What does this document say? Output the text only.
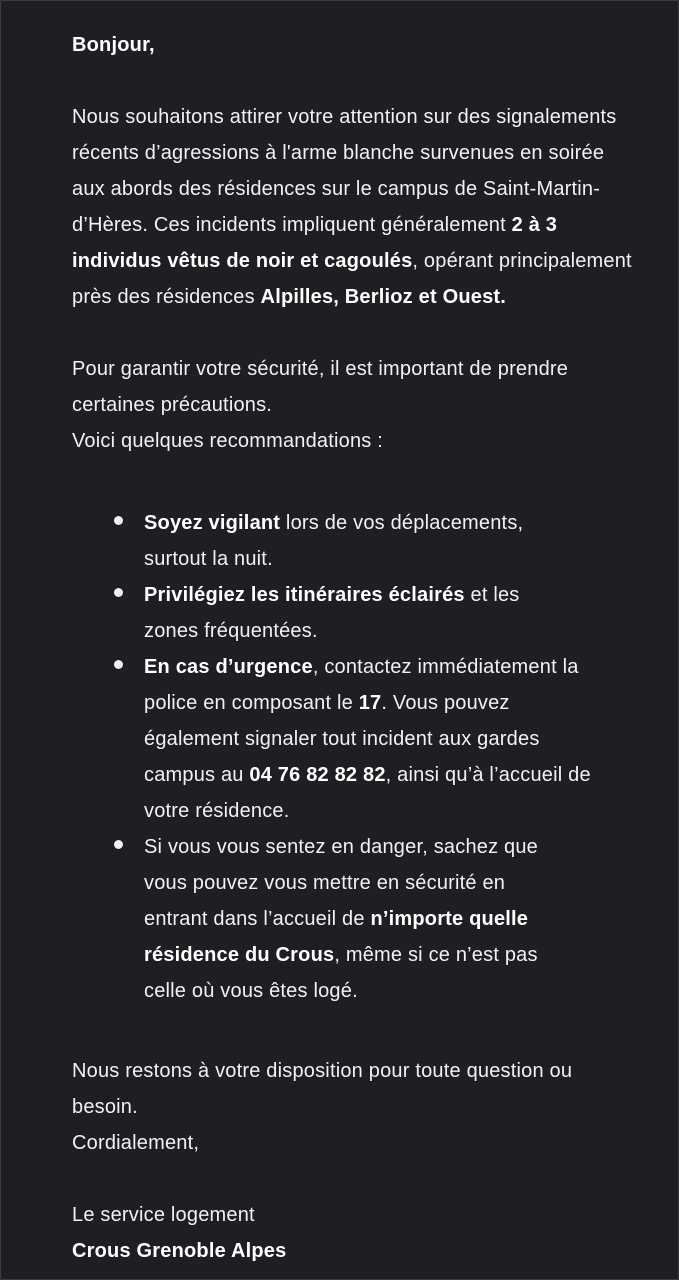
Bonjour,

Nous souhaitons attirer votre attention sur des signalements récents d’agressions à l'arme blanche survenues en soirée aux abords des résidences sur le campus de Saint-Martin-d’Hères. Ces incidents impliquent généralement 2 à 3 individus vêtus de noir et cagoulés, opérant principalement près des résidences Alpilles, Berlioz et Ouest.

Pour garantir votre sécurité, il est important de prendre certaines précautions.

Voici quelques recommandations :

Soyez vigilant lors de vos déplacements, surtout la nuit.
Privilégiez les itinéraires éclairés et les zones fréquentées.
En cas d’urgence, contactez immédiatement la police en composant le 17. Vous pouvez également signaler tout incident aux gardes campus au 04 76 82 82 82, ainsi qu’à l’accueil de votre résidence.
Si vous vous sentez en danger, sachez que vous pouvez vous mettre en sécurité en entrant dans l’accueil de n’importe quelle résidence du Crous, même si ce n’est pas celle où vous êtes logé.

Nous restons à votre disposition pour toute question ou besoin.

Cordialement,

Le service logement

Crous Grenoble Alpes
